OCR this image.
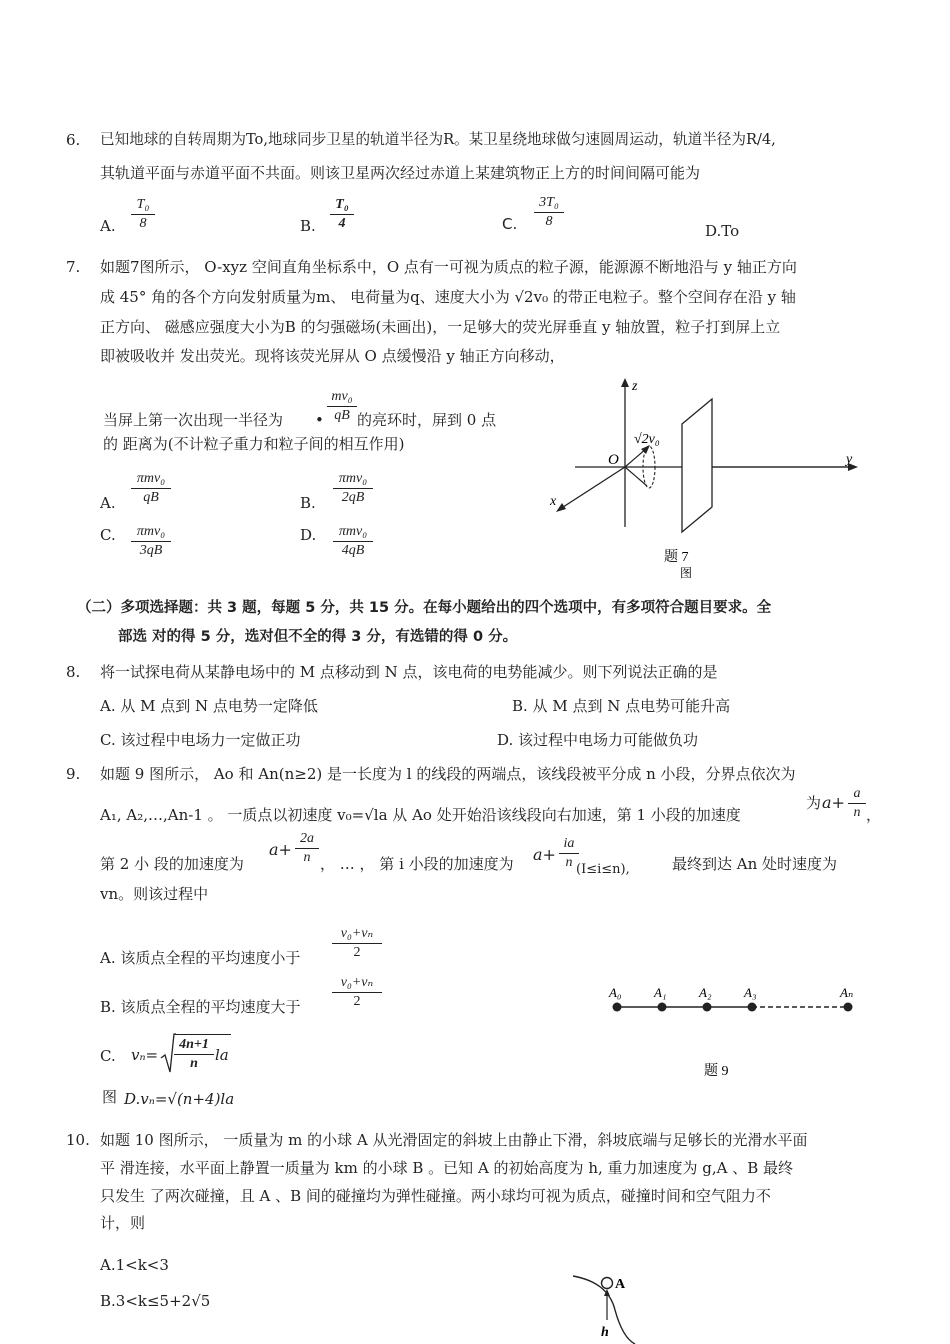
6. 已知地球的自转周期为To,地球同步卫星的轨道半径为R。某卫星绕地球做匀速圆周运动，轨道半径为R/4,
其轨道平面与赤道平面不共面。则该卫星两次经过赤道上某建筑物正上方的时间间隔可能为
A.
T₀
8	B.
T₀
4	C.
3T₀
8
D.To
7. 如题7图所示， O-xyz 空间直角坐标系中，O 点有一可视为质点的粒子源，能源源不断地沿与 y 轴正方向
成 45° 角的各个方向发射质量为m、 电荷量为q、速度大小为 √2v₀ 的带正电粒子。整个空间存在沿 y 轴
正方向、 磁感应强度大小为B 的匀强磁场(未画出)，一足够大的荧光屏垂直 y 轴放置，粒子打到屏上立
即被吸收并 发出荧光。现将该荧光屏从 O 点缓慢沿 y 轴正方向移动，
当屏上第一次出现一半径为 •
mv₀
qB 的亮环时，屏到 0 点
的 距离为(不计粒子重力和粒子间的相互作用)
A.
πmv₀
qB	B.
πmv₀
2qB
C.	πmv₀
3qB
D.	πmv₀
4qB
z
y
x
O
√2v₀
题 7
图
（二）多项选择题：共 3 题，每题 5 分，共 15 分。在每小题给出的四个选项中，有多项符合题目要求。全
部选 对的得 5 分，选对但不全的得 3 分，有选错的得 0 分。
8. 将一试探电荷从某静电场中的 M 点移动到 N 点，该电荷的电势能减少。则下列说法正确的是
A. 从 M 点到 N 点电势一定降低	B. 从 M 点到 N 点电势可能升高
C. 该过程中电场力一定做正功	D. 该过程中电场力可能做负功
9. 如题 9 图所示， Ao 和 An(n≥2) 是一长度为 l 的线段的两端点，该线段被平分成 n 小段，分界点依次为
A₁, A₂,…,An-1 。 一质点以初速度 v₀=√la 从 Ao 处开始沿该线段向右加速，第 1 小段的加速度
为 a+ a
n ，
第 2 小 段的加速度为
a+
2a
n ， … ， 第 i 小段的加速度为 a+
ia
n (I≤i≤n),	最终到达 An 处时速度为
vn。则该过程中
A. 该质点全程的平均速度小于
v₀+vₙ
2
B. 该质点全程的平均速度大于
v₀+vₙ
2
C. vₙ=
4n+1
n	la
图 D.vₙ=√(n+4)la
A₀	A₁	A₂	A₃	Aₙ
题 9
10. 如题 10 图所示， 一质量为 m 的小球 A 从光滑固定的斜坡上由静止下滑，斜坡底端与足够长的光滑水平面
平 滑连接，水平面上静置一质量为 km 的小球 B 。已知 A 的初始高度为 h, 重力加速度为 g,A 、B 最终
只发生 了两次碰撞，且 A 、B 间的碰撞均为弹性碰撞。两小球均可视为质点，碰撞时间和空气阻力不
计，则
A.1<k<3
B.3<k≤5+2√5
A
h
